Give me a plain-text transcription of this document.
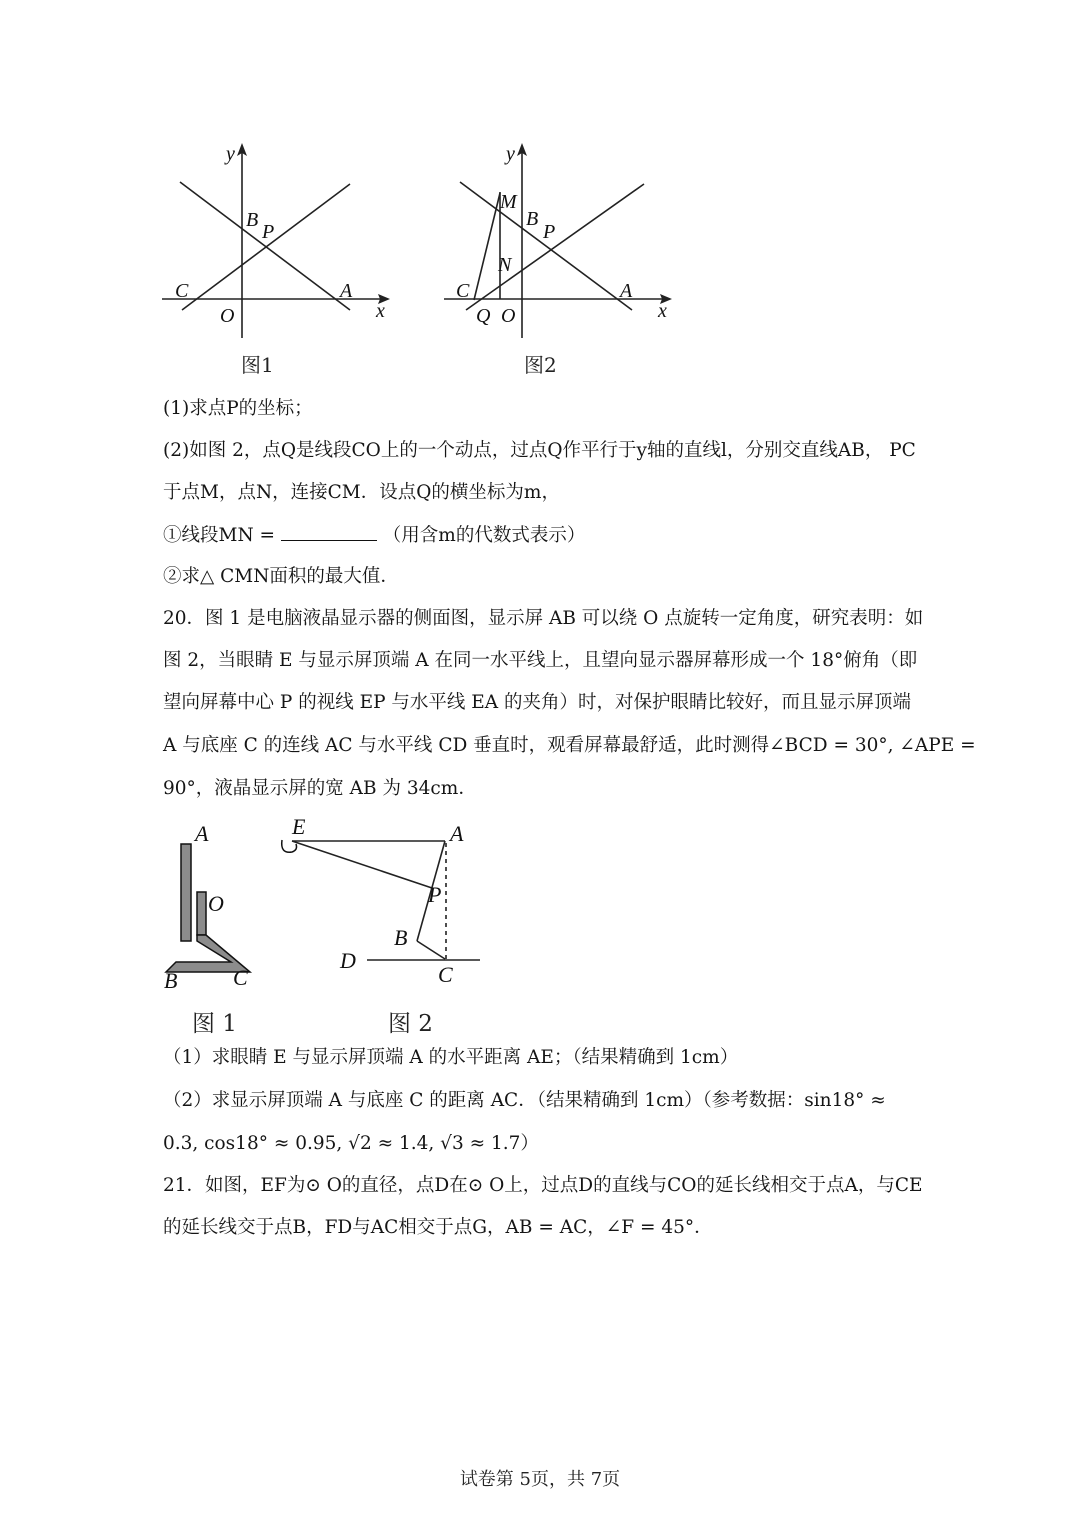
y
x
B
P
C	A
O
图1
y
x
M
B
P
N
C	A
Q O
图2
(1)求点P的坐标；
(2)如图 2，点Q是线段CO上的一个动点，过点Q作平行于y轴的直线l，分别交直线AB， PC
于点M，点N，连接CM．设点Q的横坐标为m，
①线段MN =	（用含m的代数式表示）
②求△ CMN面积的最大值．
20．图 1 是电脑液晶显示器的侧面图，显示屏 AB 可以绕 O 点旋转一定角度，研究表明：如
图 2，当眼睛 E 与显示屏顶端 A 在同一水平线上，且望向显示器屏幕形成一个 18°俯角（即
望向屏幕中心 P 的视线 EP 与水平线 EA 的夹角）时，对保护眼睛比较好，而且显示屏顶端
A 与底座 C 的连线 AC 与水平线 CD 垂直时，观看屏幕最舒适，此时测得∠BCD = 30°, ∠APE =
90°，液晶显示屏的宽 AB 为 34cm．
A
O
B	C
图 1
E	A
P
B
D
C
图 2
（1）求眼睛 E 与显示屏顶端 A 的水平距离 AE；（结果精确到 1cm）
（2）求显示屏顶端 A 与底座 C 的距离 AC．（结果精确到 1cm）（参考数据：sin18° ≈
0.3, cos18° ≈ 0.95, √2 ≈ 1.4, √3 ≈ 1.7）
21．如图，EF为⊙ O的直径，点D在⊙ O上，过点D的直线与CO的延长线相交于点A，与CE
的延长线交于点B，FD与AC相交于点G，AB = AC，∠F = 45°．
试卷第 5页，共 7页
